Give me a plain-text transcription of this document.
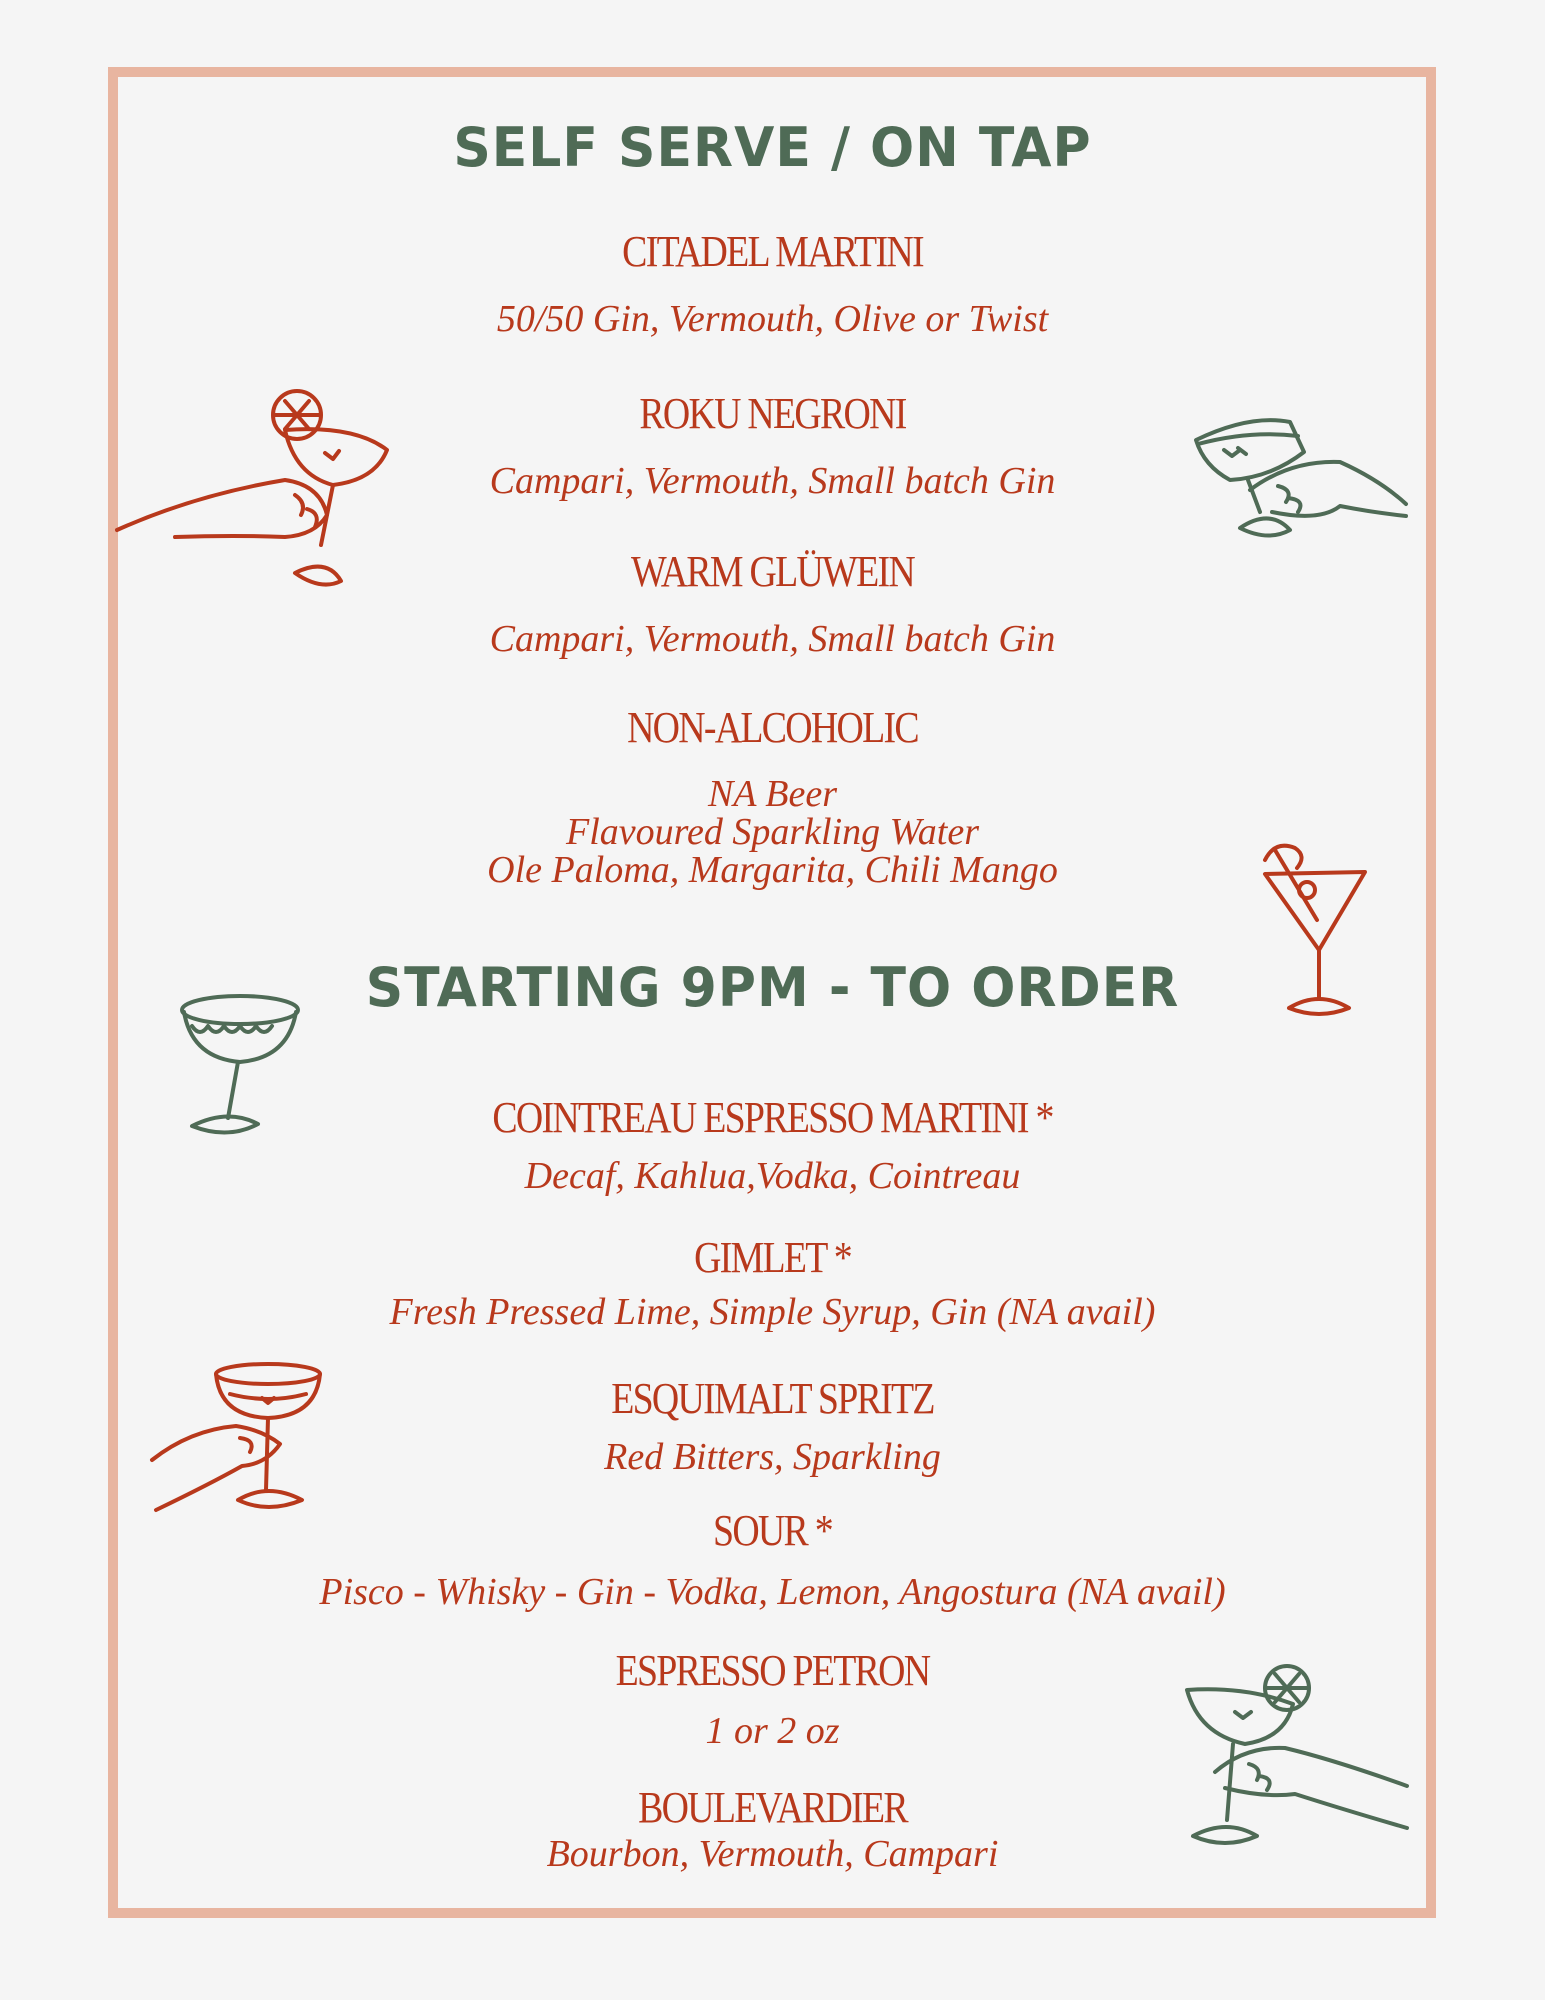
SELF SERVE / ON TAP
CITADEL MARTINI
50/50 Gin, Vermouth, Olive or Twist
ROKU NEGRONI
Campari, Vermouth, Small batch Gin
WARM GLÜWEIN
Campari, Vermouth, Small batch Gin
NON-ALCOHOLIC
NA Beer
Flavoured Sparkling Water
Ole Paloma, Margarita, Chili Mango
STARTING 9PM - TO ORDER
COINTREAU ESPRESSO MARTINI *
Decaf, Kahlua,Vodka, Cointreau
GIMLET *
Fresh Pressed Lime, Simple Syrup, Gin (NA avail)
ESQUIMALT SPRITZ
Red Bitters, Sparkling
SOUR *
Pisco - Whisky - Gin - Vodka, Lemon, Angostura (NA avail)
ESPRESSO PETRON
1 or 2 oz
BOULEVARDIER
Bourbon, Vermouth, Campari
